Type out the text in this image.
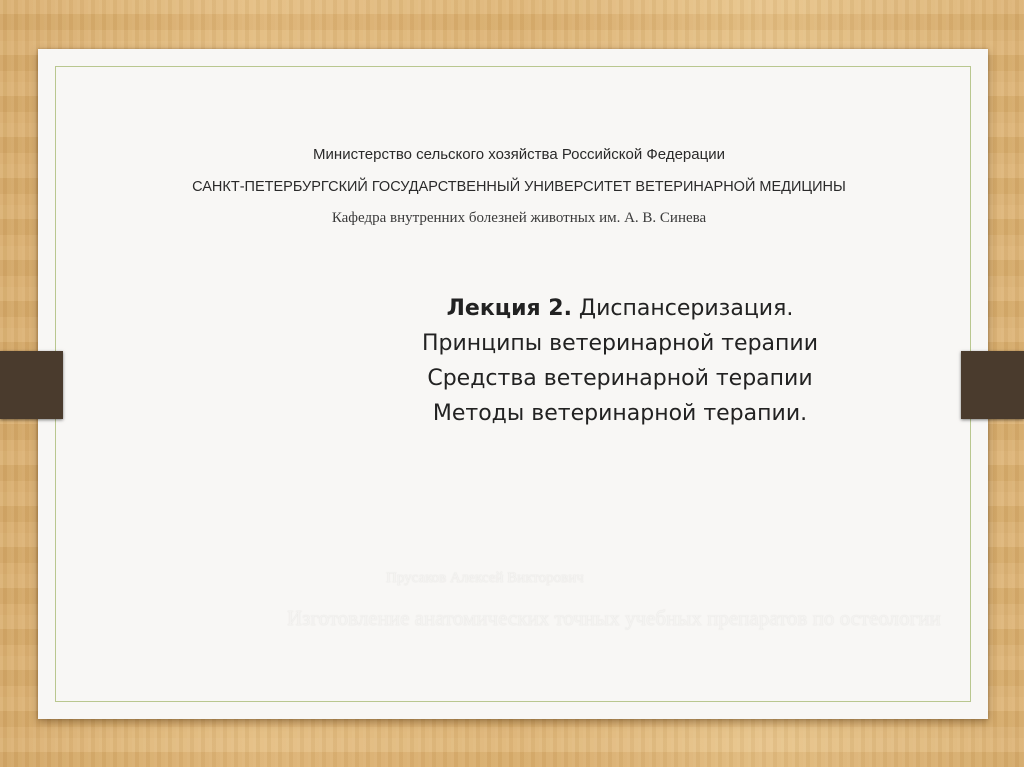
Министерство сельского хозяйства Российской Федерации
САНКТ-ПЕТЕРБУРГСКИЙ ГОСУДАРСТВЕННЫЙ УНИВЕРСИТЕТ ВЕТЕРИНАРНОЙ МЕДИЦИНЫ
Кафедра внутренних болезней животных им. А. В. Синева
Лекция 2. Диспансеризация.
Принципы ветеринарной терапии
Средства ветеринарной терапии
Методы ветеринарной терапии.
Прусаков Алексей Викторович
Изготовление анатомических точных учебных препаратов по остеологии
